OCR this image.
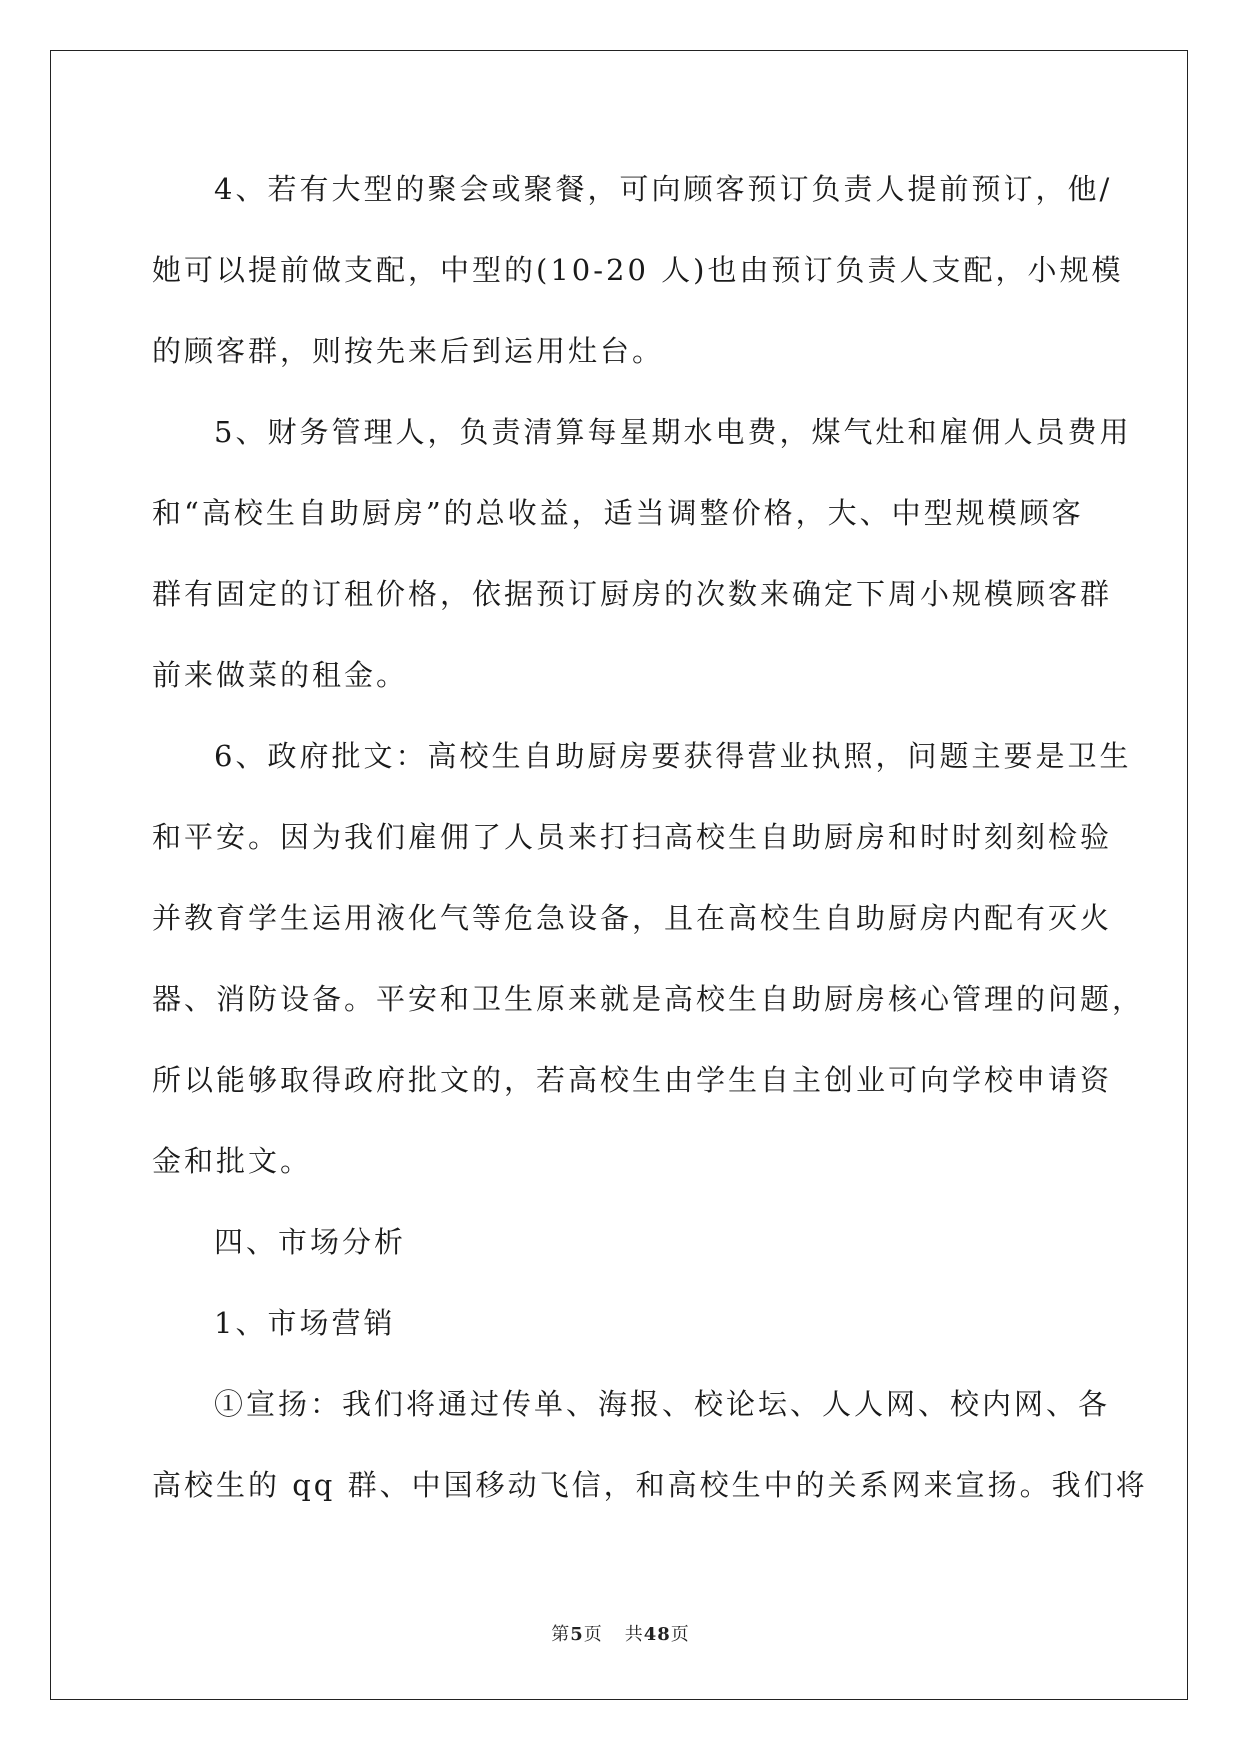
4、若有大型的聚会或聚餐，可向顾客预订负责人提前预订，他/
她可以提前做支配，中型的(10-20 人)也由预订负责人支配，小规模
的顾客群，则按先来后到运用灶台。
5、财务管理人，负责清算每星期水电费，煤气灶和雇佣人员费用
和“高校生自助厨房”的总收益，适当调整价格，大、中型规模顾客
群有固定的订租价格，依据预订厨房的次数来确定下周小规模顾客群
前来做菜的租金。
6、政府批文：高校生自助厨房要获得营业执照，问题主要是卫生
和平安。因为我们雇佣了人员来打扫高校生自助厨房和时时刻刻检验
并教育学生运用液化气等危急设备，且在高校生自助厨房内配有灭火
器、消防设备。平安和卫生原来就是高校生自助厨房核心管理的问题，
所以能够取得政府批文的，若高校生由学生自主创业可向学校申请资
金和批文。
四、市场分析
1、市场营销
①宣扬：我们将通过传单、海报、校论坛、人人网、校内网、各
高校生的 qq 群、中国移动飞信，和高校生中的关系网来宣扬。我们将
第5页 共48页
